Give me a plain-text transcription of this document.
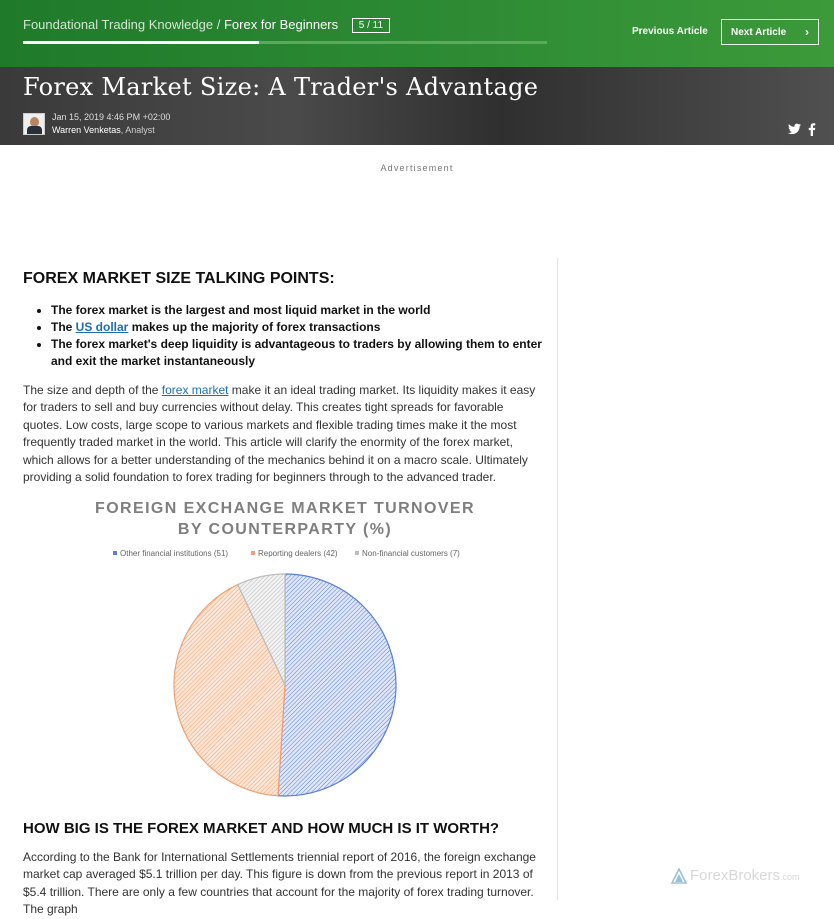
Foundational Trading Knowledge / Forex for Beginners 5 / 11
Previous Article Next Article ›
Forex Market Size: A Trader's Advantage
Jan 15, 2019 4:46 PM +02:00
Warren Venketas, Analyst
Advertisement
FOREX MARKET SIZE TALKING POINTS:
• The forex market is the largest and most liquid market in the world
• The US dollar makes up the majority of forex transactions
• The forex market's deep liquidity is advantageous to traders by allowing them to enter and exit the market instantaneously

The size and depth of the forex market make it an ideal trading market. Its liquidity makes it easy for traders to sell and buy currencies without delay. This creates tight spreads for favorable quotes. Low costs, large scope to various markets and flexible trading times make it the most frequently traded market in the world. This article will clarify the enormity of the forex market, which allows for a better understanding of the mechanics behind it on a macro scale. Ultimately providing a solid foundation to forex trading for beginners through to the advanced trader.

FOREIGN EXCHANGE MARKET TURNOVER
BY COUNTERPARTY (%)
Other financial institutions (51)	Reporting dealers (42)	Non-financial customers (7)
HOW BIG IS THE FOREX MARKET AND HOW MUCH IS IT WORTH?

According to the Bank for International Settlements triennial report of 2016, the foreign exchange market cap averaged $5.1 trillion per day. This figure is down from the previous report in 2013 of $5.4 trillion. There are only a few countries that account for the majority of forex trading turnover. The graph

ForexBrokers.com
